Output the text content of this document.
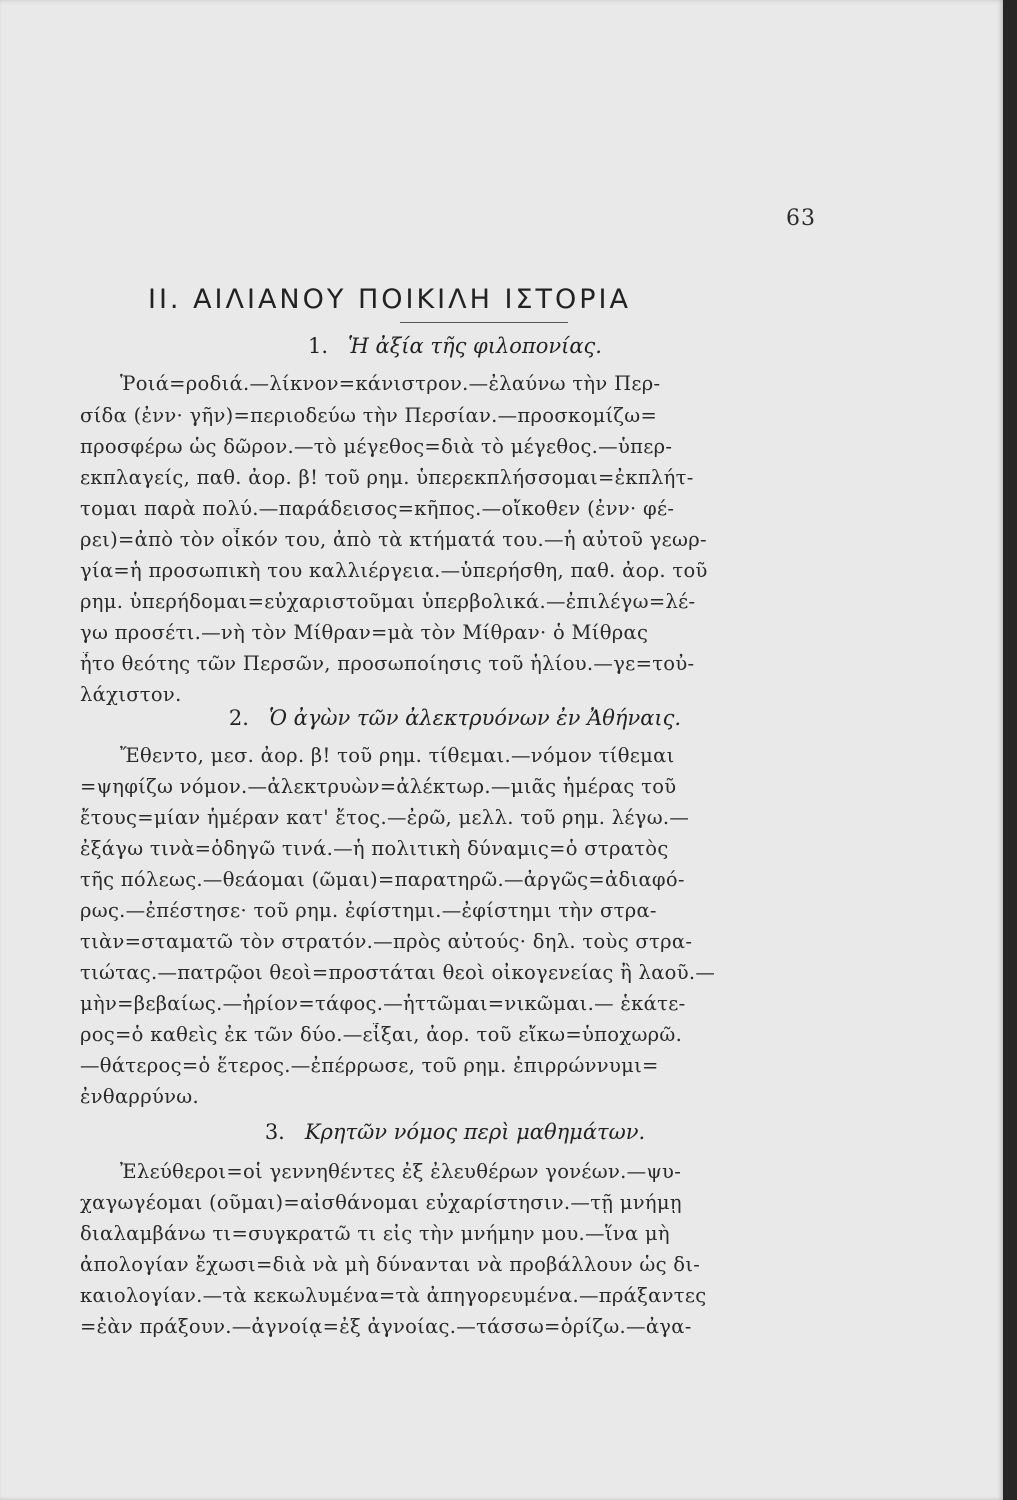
63
II. ΑΙΛΙΑΝΟΥ ΠΟΙΚΙΛΗ ΙΣΤΟΡΙΑ
1. Ἡ ἀξία τῆς φιλοπονίας.
Ῥοιά=ροδιά.—λίκνον=κάνιστρον.—ἐλαύνω τὴν Περ-
σίδα (ἐνν· γῆν)=περιοδεύω τὴν Περσίαν.—προσκομίζω=
προσφέρω ὡς δῶρον.—τὸ μέγεθος=διὰ τὸ μέγεθος.—ὑπερ-
εκπλαγείς, παθ. ἀορ. β! τοῦ ρημ. ὑπερεκπλήσσομαι=ἐκπλήτ-
τομαι παρὰ πολύ.—παράδεισος=κῆπος.—οἴκοθεν (ἐνν· φέ-
ρει)=ἀπὸ τὸν οἶκόν του, ἀπὸ τὰ κτήματά του.—ἡ αὐτοῦ γεωρ-
γία=ἡ προσωπικὴ του καλλιέργεια.—ὑπερήσθη, παθ. ἀορ. τοῦ
ρημ. ὑπερήδομαι=εὐχαριστοῦμαι ὑπερβολικά.—ἐπιλέγω=λέ-
γω προσέτι.—νὴ τὸν Μίθραν=μὰ τὸν Μίθραν· ὁ Μίθρας
ἦτο θεότης τῶν Περσῶν, προσωποίησις τοῦ ἡλίου.—γε=τοὐ-
λάχιστον.
2. Ὁ ἀγὼν τῶν ἀλεκτρυόνων ἐν Ἀθήναις.
Ἔθεντο, μεσ. ἀορ. β! τοῦ ρημ. τίθεμαι.—νόμον τίθεμαι
=ψηφίζω νόμον.—ἀλεκτρυὼν=ἀλέκτωρ.—μιᾶς ἡμέρας τοῦ
ἔτους=μίαν ἡμέραν κατ' ἔτος.—ἐρῶ, μελλ. τοῦ ρημ. λέγω.—
ἐξάγω τινὰ=ὁδηγῶ τινά.—ἡ πολιτικὴ δύναμις=ὁ στρατὸς
τῆς πόλεως.—θεάομαι (ῶμαι)=παρατηρῶ.—ἀργῶς=ἀδιαφό-
ρως.—ἐπέστησε· τοῦ ρημ. ἐφίστημι.—ἐφίστημι τὴν στρα-
τιὰν=σταματῶ τὸν στρατόν.—πρὸς αὐτούς· δηλ. τοὺς στρα-
τιώτας.—πατρῷοι θεοὶ=προστάται θεοὶ οἰκογενείας ἢ λαοῦ.—
μὴν=βεβαίως.—ἠρίον=τάφος.—ἡττῶμαι=νικῶμαι.— ἑκάτε-
ρος=ὁ καθεὶς ἐκ τῶν δύο.—εἶξαι, ἀορ. τοῦ εἴκω=ὑποχωρῶ.
—θάτερος=ὁ ἕτερος.—ἐπέρρωσε, τοῦ ρημ. ἐπιρρώννυμι=
ἐνθαρρύνω.
3. Κρητῶν νόμος περὶ μαθημάτων.
Ἐλεύθεροι=οἱ γεννηθέντες ἐξ ἐλευθέρων γονέων.—ψυ-
χαγωγέομαι (οῦμαι)=αἰσθάνομαι εὐχαρίστησιν.—τῇ μνήμῃ
διαλαμβάνω τι=συγκρατῶ τι εἰς τὴν μνήμην μου.—ἵνα μὴ
ἀπολογίαν ἔχωσι=διὰ νὰ μὴ δύνανται νὰ προβάλλουν ὡς δι-
καιολογίαν.—τὰ κεκωλυμένα=τὰ ἀπηγορευμένα.—πράξαντες
=ἐὰν πράξουν.—ἀγνοίᾳ=ἐξ ἀγνοίας.—τάσσω=ὁρίζω.—ἀγα-
